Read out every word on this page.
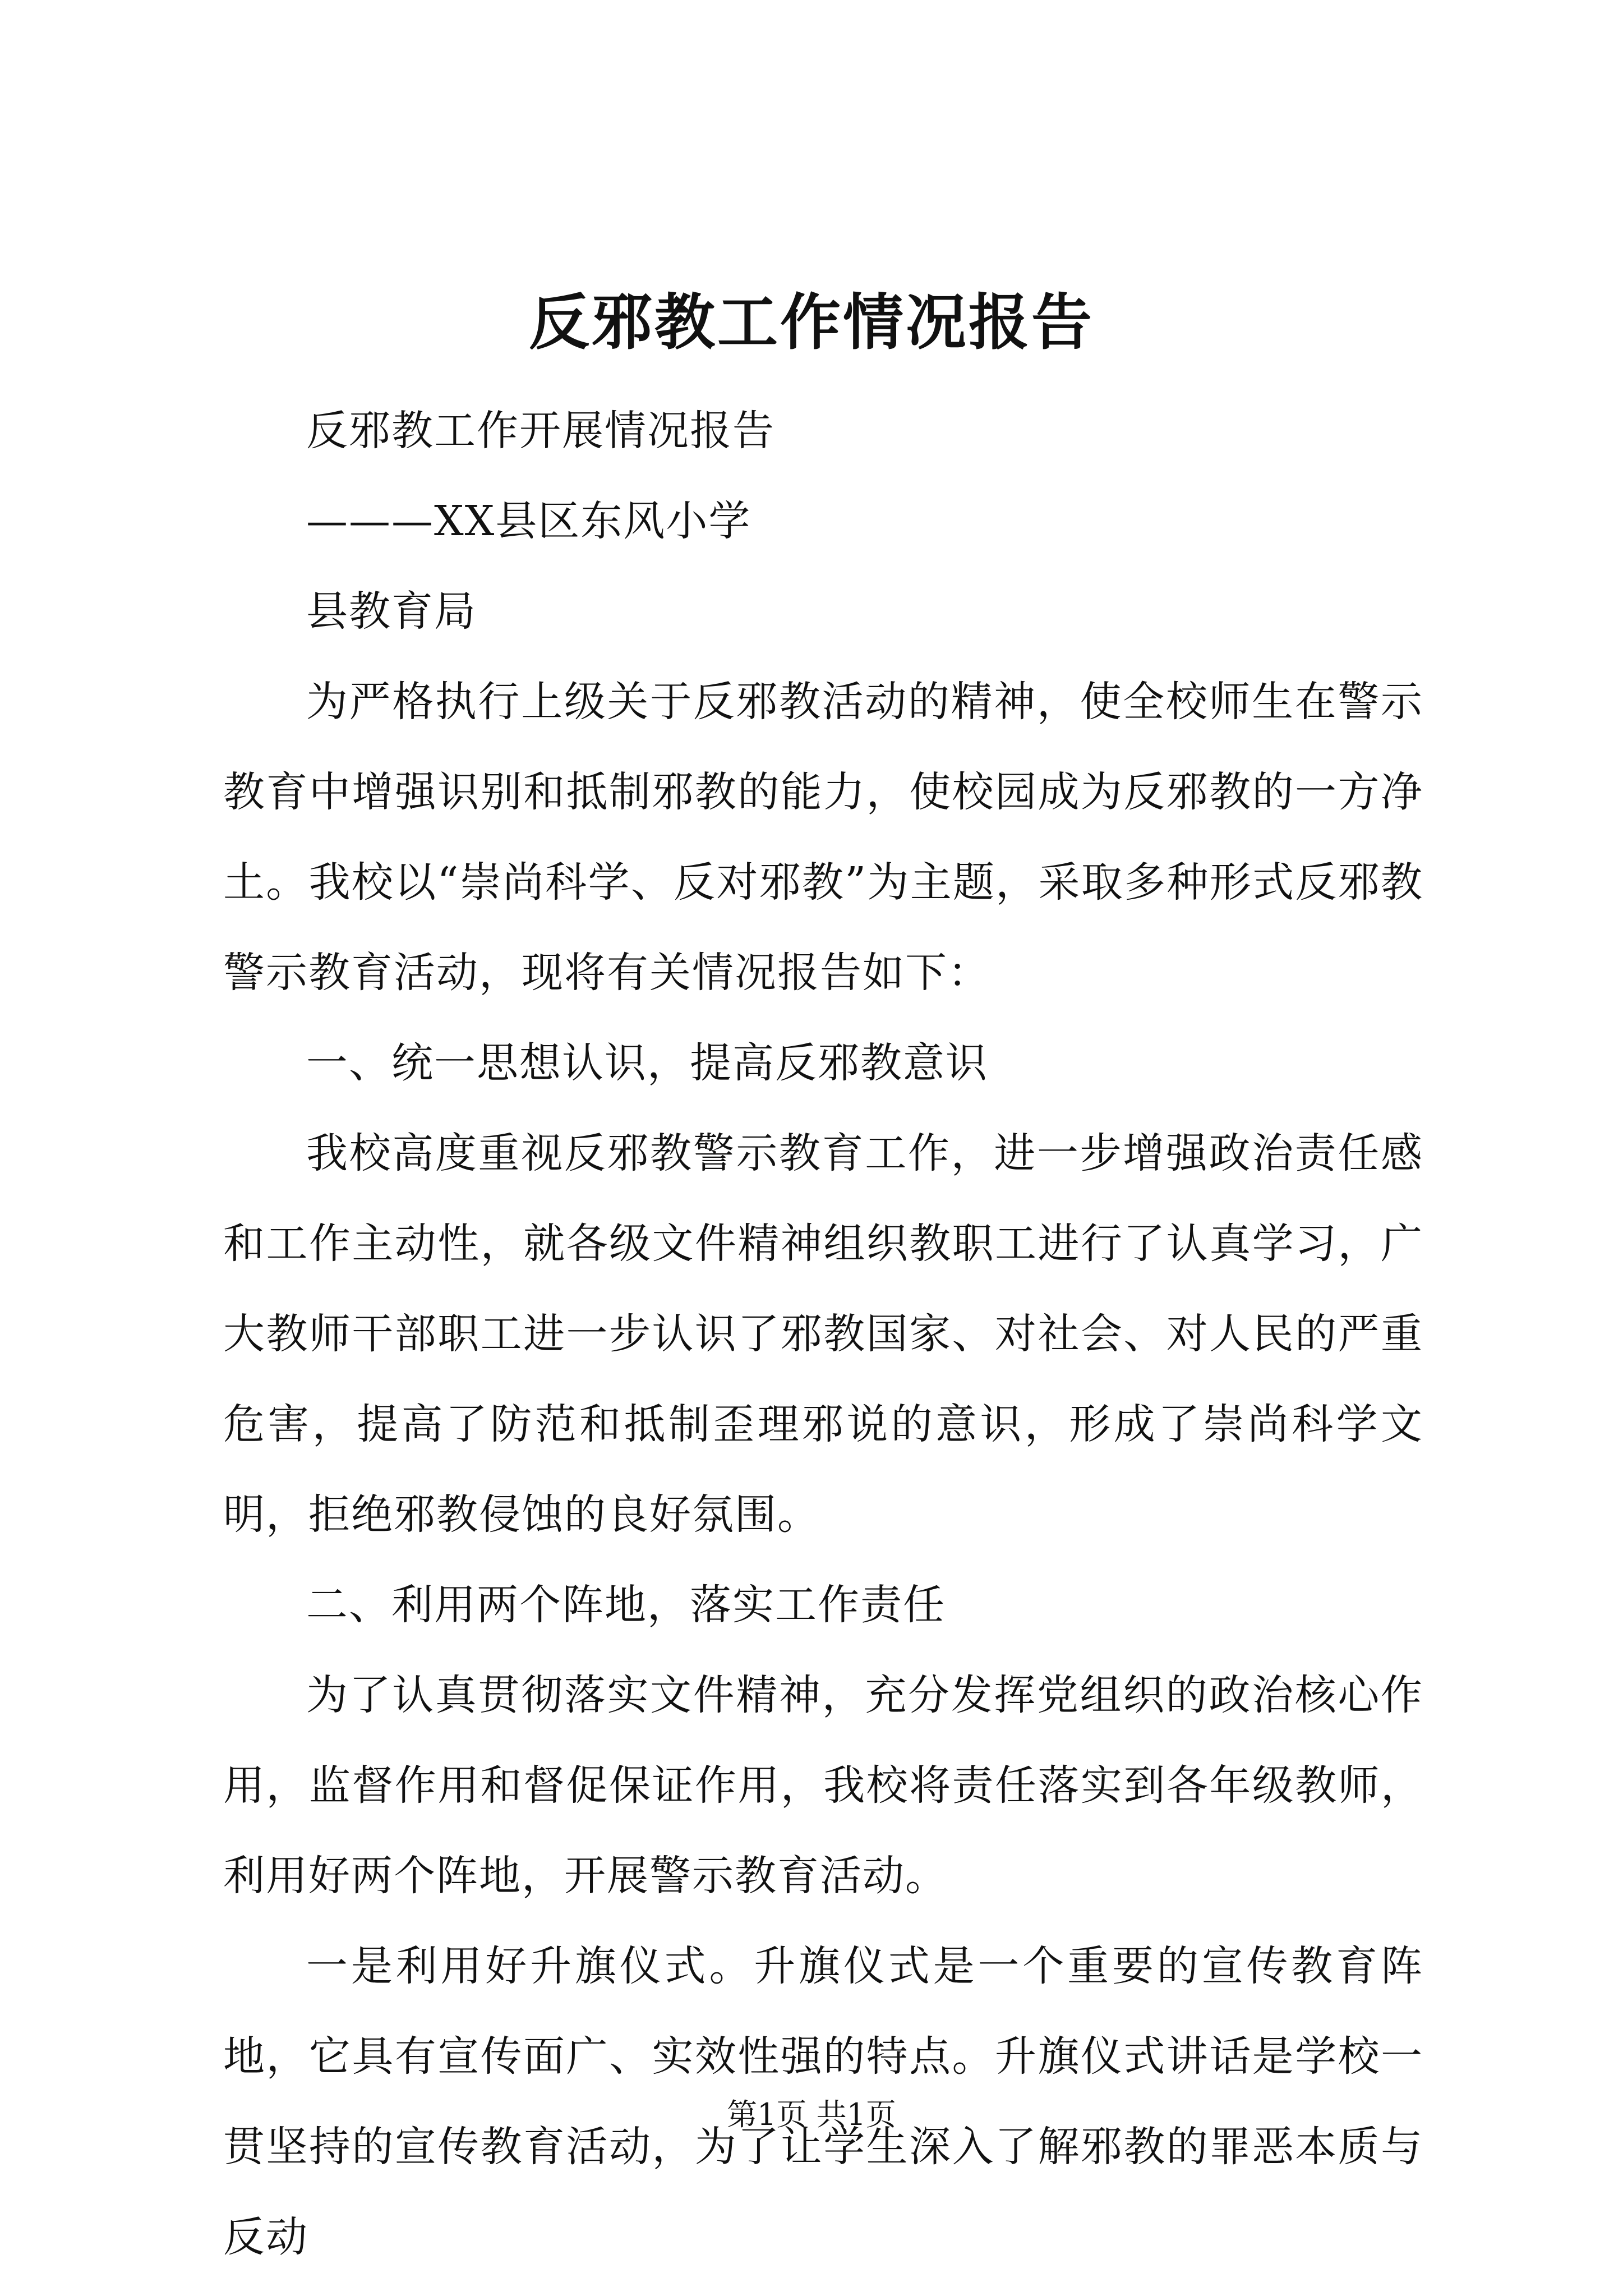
反邪教工作情况报告

反邪教工作开展情况报告

———XX县区东风小学

县教育局

为严格执行上级关于反邪教活动的精神，使全校师生在警示教育中增强识别和抵制邪教的能力，使校园成为反邪教的一方净土。我校以“崇尚科学、反对邪教”为主题，采取多种形式反邪教警示教育活动，现将有关情况报告如下：

一、统一思想认识，提高反邪教意识

我校高度重视反邪教警示教育工作，进一步增强政治责任感和工作主动性，就各级文件精神组织教职工进行了认真学习，广大教师干部职工进一步认识了邪教国家、对社会、对人民的严重危害，提高了防范和抵制歪理邪说的意识，形成了崇尚科学文明，拒绝邪教侵蚀的良好氛围。

二、利用两个阵地，落实工作责任

为了认真贯彻落实文件精神，充分发挥党组织的政治核心作用，监督作用和督促保证作用，我校将责任落实到各年级教师，利用好两个阵地，开展警示教育活动。

一是利用好升旗仪式。升旗仪式是一个重要的宣传教育阵地，它具有宣传面广、实效性强的特点。升旗仪式讲话是学校一贯坚持的宣传教育活动，为了让学生深入了解邪教的罪恶本质与反动

第1页 共1页
